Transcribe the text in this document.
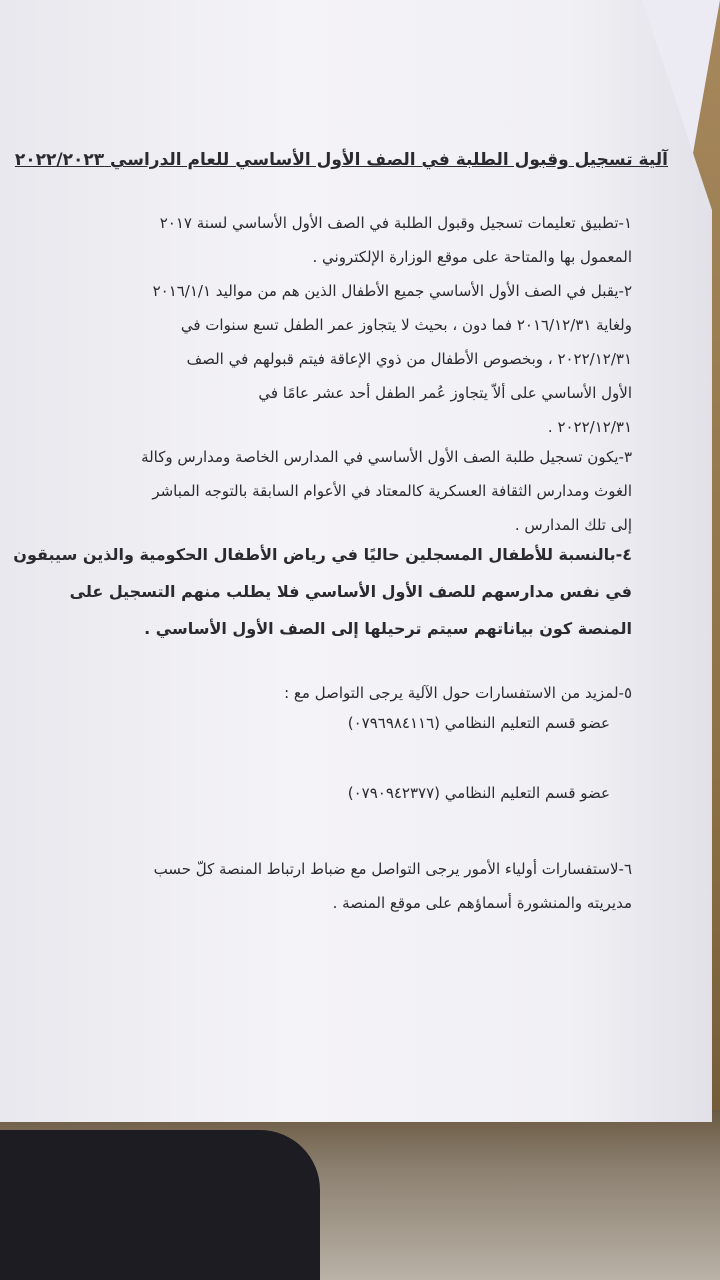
آلية تسجيل وقبول الطلبة في الصف الأول الأساسي للعام الدراسي ٢٠٢٢/٢٠٢٣
١-تطبيق تعليمات تسجيل وقبول الطلبة في الصف الأول الأساسي لسنة ٢٠١٧
المعمول بها والمتاحة على موقع الوزارة الإلكتروني .
٢-يقبل في الصف الأول الأساسي جميع الأطفال الذين هم من مواليد ٢٠١٦/١/١
ولغاية ٢٠١٦/١٢/٣١ فما دون ، بحيث لا يتجاوز عمر الطفل تسع سنوات في
٢٠٢٢/١٢/٣١ ، وبخصوص الأطفال من ذوي الإعاقة فيتم قبولهم في الصف
الأول الأساسي على ألاّ يتجاوز عُمر الطفل أحد عشر عامًا في
٢٠٢٢/١٢/٣١ .
٣-يكون تسجيل طلبة الصف الأول الأساسي في المدارس الخاصة ومدارس وكالة
الغوث ومدارس الثقافة العسكرية كالمعتاد في الأعوام السابقة بالتوجه المباشر
إلى تلك المدارس .
٤-بالنسبة للأطفال المسجلين حاليًا في رياض الأطفال الحكومية والذين سيبقون
في نفس مدارسهم للصف الأول الأساسي فلا يطلب منهم التسجيل على
المنصة كون بياناتهم سيتم ترحيلها إلى الصف الأول الأساسي .
٥-لمزيد من الاستفسارات حول الآلية يرجى التواصل مع :
عضو قسم التعليم النظامي (٠٧٩٦٩٨٤١١٦)
عضو قسم التعليم النظامي (٠٧٩٠٩٤٢٣٧٧)
٦-لاستفسارات أولياء الأمور يرجى التواصل مع ضباط ارتباط المنصة كلّ حسب
مديريته والمنشورة أسماؤهم على موقع المنصة .
